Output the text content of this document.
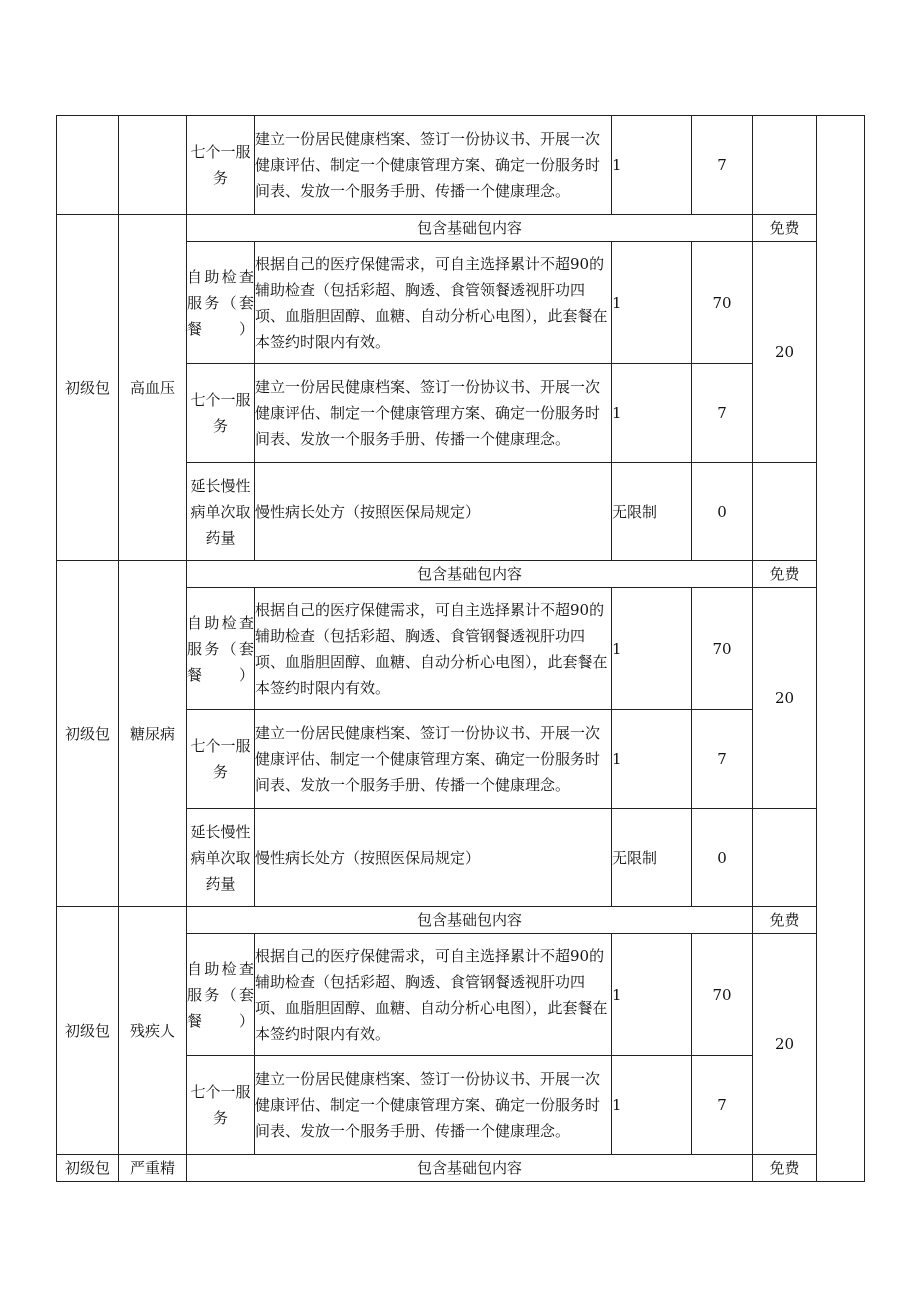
		七个一服务	建立一份居民健康档案、签订一份协议书、开展一次健康评估、制定一个健康管理方案、确定一份服务时间表、发放一个服务手册、传播一个健康理念。	1	7		
初级包	高血压	包含基础包内容				免费	
		自助检查服务（套餐）	根据自己的医疗保健需求，可自主选择累计不超90的辅助检查（包括彩超、胸透、食管领餐透视肝功四项、血脂胆固醇、血糖、自动分析心电图），此套餐在本签约时限内有效。	1	70	20	
		七个一服务	建立一份居民健康档案、签订一份协议书、开展一次健康评估、制定一个健康管理方案、确定一份服务时间表、发放一个服务手册、传播一个健康理念。	1	7		
		延长慢性病单次取药量	慢性病长处方（按照医保局规定）	无限制	0		
初级包	糖尿病	包含基础包内容				免费	
		自助检查服务（套餐）	根据自己的医疗保健需求，可自主选择累计不超90的辅助检查（包括彩超、胸透、食管钢餐透视肝功四项、血脂胆固醇、血糖、自动分析心电图），此套餐在本签约时限内有效。	1	70	20	
		七个一服务	建立一份居民健康档案、签订一份协议书、开展一次健康评估、制定一个健康管理方案、确定一份服务时间表、发放一个服务手册、传播一个健康理念。	1	7		
		延长慢性病单次取药量	慢性病长处方（按照医保局规定）	无限制	0		
初级包	残疾人	包含基础包内容				免费	
		自助检查服务（套餐）	根据自己的医疗保健需求，可自主选择累计不超90的辅助检查（包括彩超、胸透、食管钢餐透视肝功四项、血脂胆固醇、血糖、自动分析心电图），此套餐在本签约时限内有效。	1	70	20	
		七个一服务	建立一份居民健康档案、签订一份协议书、开展一次健康评估、制定一个健康管理方案、确定一份服务时间表、发放一个服务手册、传播一个健康理念。	1	7		
初级包	严重精	包含基础包内容				免费	
